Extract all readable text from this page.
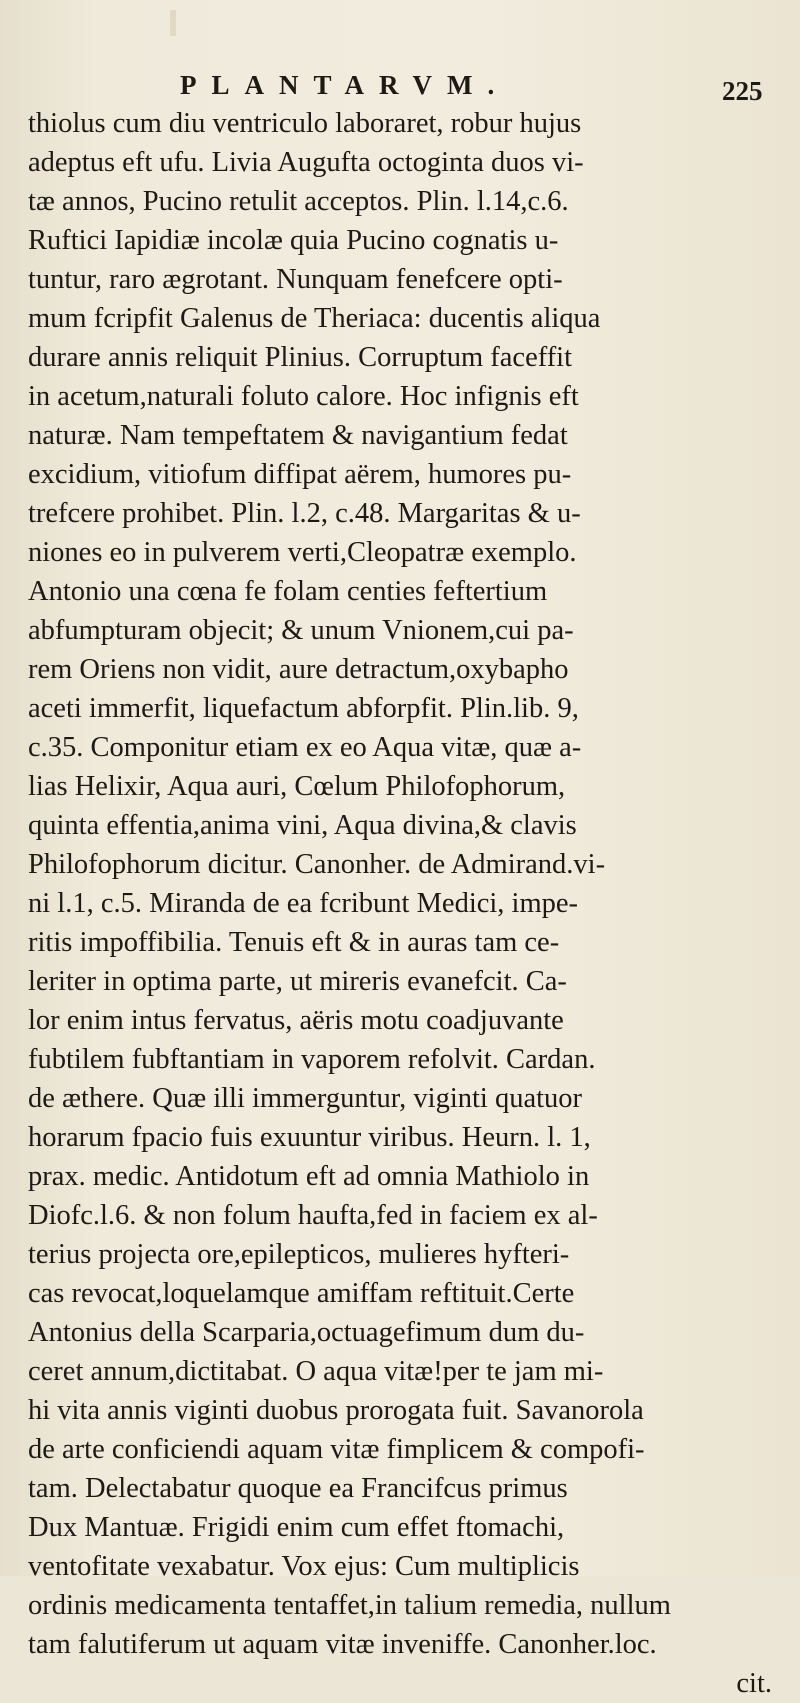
PLANTARVM.	225
thiolus cum diu ventriculo laboraret, robur hujus
adeptus eft ufu. Livia Augufta octoginta duos vi-
tæ annos, Pucino retulit acceptos. Plin. l.14,c.6.
Ruftici Iapidiæ incolæ quia Pucino cognatis u-
tuntur, raro ægrotant. Nunquam fenefcere opti-
mum fcripfit Galenus de Theriaca: ducentis aliqua
durare annis reliquit Plinius. Corruptum faceffit
in acetum,naturali foluto calore. Hoc infignis eft
naturæ. Nam tempeftatem & navigantium fedat
excidium, vitiofum diffipat aërem, humores pu-
trefcere prohibet. Plin. l.2, c.48. Margaritas & u-
niones eo in pulverem verti,Cleopatræ exemplo.
Antonio una cœna fe folam centies feftertium
abfumpturam objecit; & unum Vnionem,cui pa-
rem Oriens non vidit, aure detractum,oxybapho
aceti immerfit, liquefactum abforpfit. Plin.lib. 9,
c.35. Componitur etiam ex eo Aqua vitæ, quæ a-
lias Helixir, Aqua auri, Cœlum Philofophorum,
quinta effentia,anima vini, Aqua divina,& clavis
Philofophorum dicitur. Canonher. de Admirand.vi-
ni l.1, c.5. Miranda de ea fcribunt Medici, impe-
ritis impoffibilia. Tenuis eft & in auras tam ce-
leriter in optima parte, ut mireris evanefcit. Ca-
lor enim intus fervatus, aëris motu coadjuvante
fubtilem fubftantiam in vaporem refolvit. Cardan.
de æthere. Quæ illi immerguntur, viginti quatuor
horarum fpacio fuis exuuntur viribus. Heurn. l. 1,
prax. medic. Antidotum eft ad omnia Mathiolo in
Diofc.l.6. & non folum haufta,fed in faciem ex al-
terius projecta ore,epilepticos, mulieres hyfteri-
cas revocat,loquelamque amiffam reftituit.Certe
Antonius della Scarparia,octuagefimum dum du-
ceret annum,dictitabat. O aqua vitæ!per te jam mi-
hi vita annis viginti duobus prorogata fuit. Savanorola
de arte conficiendi aquam vitæ fimplicem & compofi-
tam. Delectabatur quoque ea Francifcus primus
Dux Mantuæ. Frigidi enim cum effet ftomachi,
ventofitate vexabatur. Vox ejus: Cum multiplicis
ordinis medicamenta tentaffet,in talium remedia, nullum
tam falutiferum ut aquam vitæ inveniffe. Canonher.loc.
cit.
